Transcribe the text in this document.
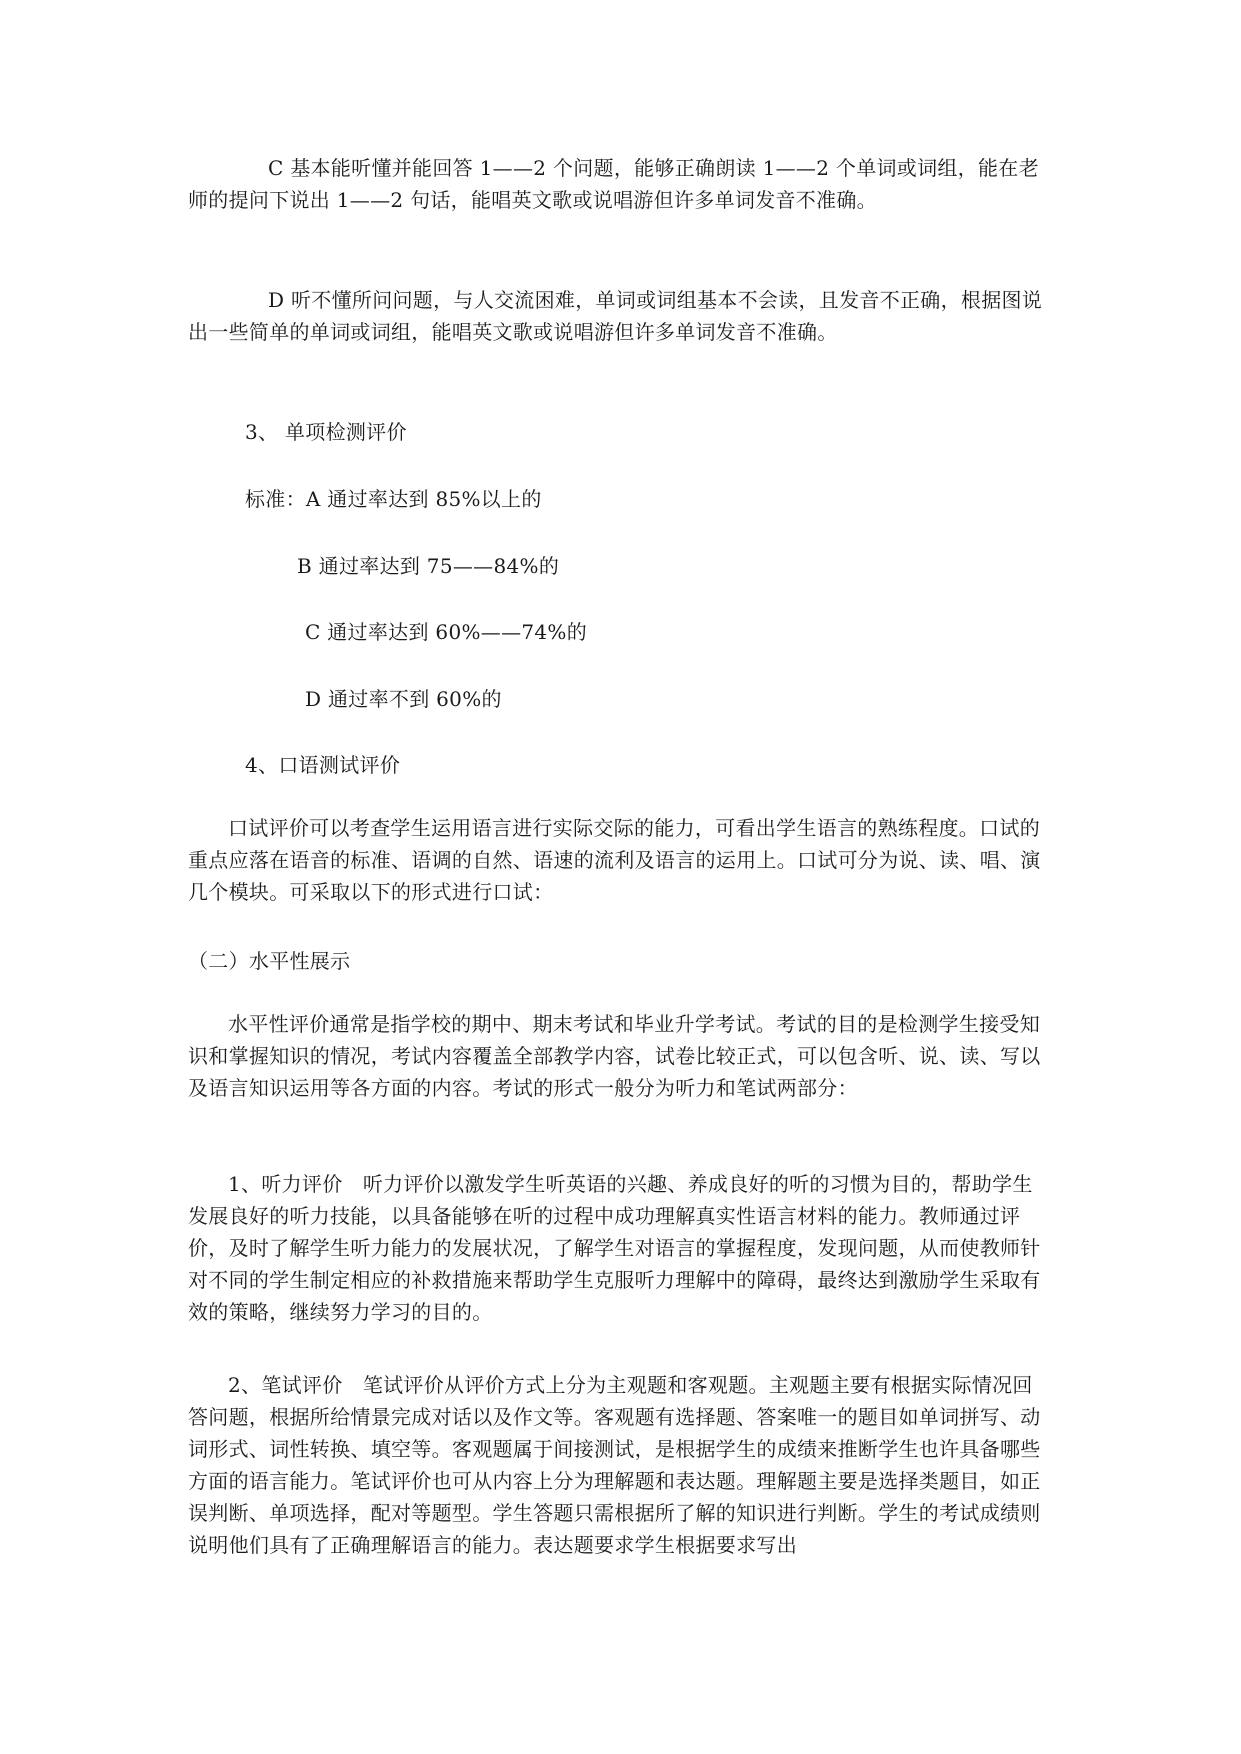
C 基本能听懂并能回答 1——2 个问题，能够正确朗读 1——2 个单词或词组，能在老师的提问下说出 1——2 句话，能唱英文歌或说唱游但许多单词发音不准确。

D 听不懂所问问题，与人交流困难，单词或词组基本不会读，且发音不正确，根据图说出一些简单的单词或词组，能唱英文歌或说唱游但许多单词发音不准确。

3、 单项检测评价

标准：A 通过率达到 85%以上的

B 通过率达到 75——84%的

C 通过率达到 60%——74%的

D 通过率不到 60%的

4、口语测试评价

口试评价可以考查学生运用语言进行实际交际的能力，可看出学生语言的熟练程度。口试的重点应落在语音的标准、语调的自然、语速的流利及语言的运用上。口试可分为说、读、唱、演几个模块。可采取以下的形式进行口试：

（二）水平性展示

水平性评价通常是指学校的期中、期末考试和毕业升学考试。考试的目的是检测学生接受知识和掌握知识的情况，考试内容覆盖全部教学内容，试卷比较正式，可以包含听、说、读、写以及语言知识运用等各方面的内容。考试的形式一般分为听力和笔试两部分：

1、听力评价　听力评价以激发学生听英语的兴趣、养成良好的听的习惯为目的，帮助学生发展良好的听力技能，以具备能够在听的过程中成功理解真实性语言材料的能力。教师通过评价，及时了解学生听力能力的发展状况，了解学生对语言的掌握程度，发现问题，从而使教师针对不同的学生制定相应的补救措施来帮助学生克服听力理解中的障碍，最终达到激励学生采取有效的策略，继续努力学习的目的。

2、笔试评价　笔试评价从评价方式上分为主观题和客观题。主观题主要有根据实际情况回答问题，根据所给情景完成对话以及作文等。客观题有选择题、答案唯一的题目如单词拼写、动词形式、词性转换、填空等。客观题属于间接测试，是根据学生的成绩来推断学生也许具备哪些方面的语言能力。笔试评价也可从内容上分为理解题和表达题。理解题主要是选择类题目，如正误判断、单项选择，配对等题型。学生答题只需根据所了解的知识进行判断。学生的考试成绩则说明他们具有了正确理解语言的能力。表达题要求学生根据要求写出
